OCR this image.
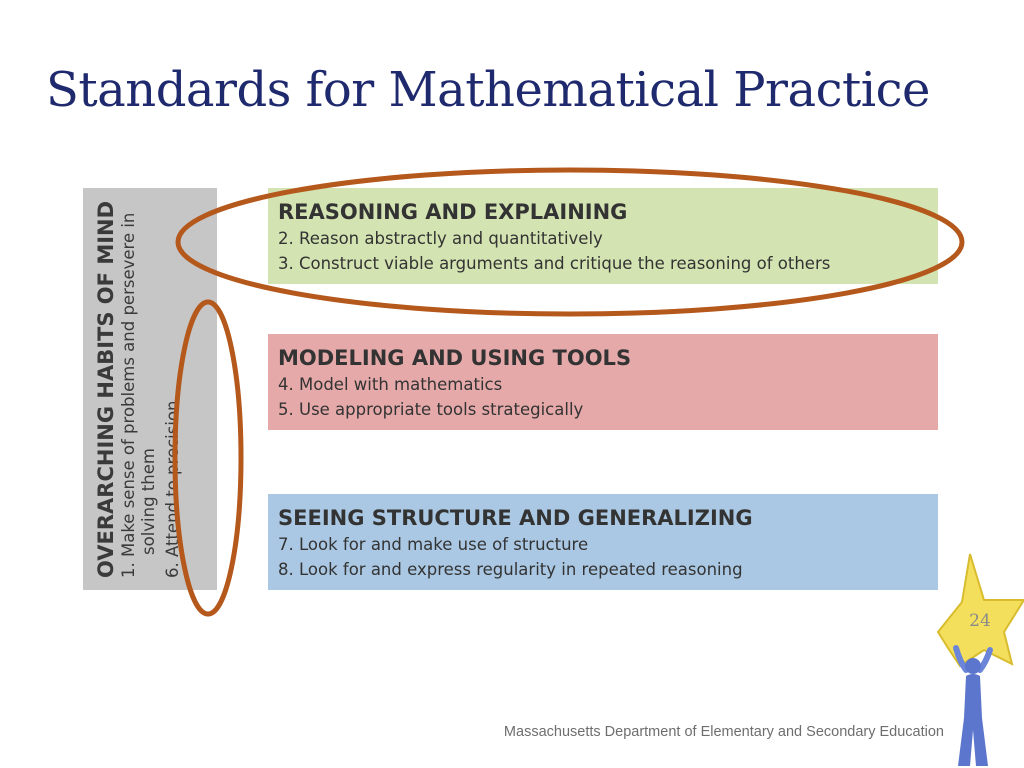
Standards for Mathematical Practice
OVERARCHING HABITS OF MIND 1. Make sense of problems and persevere in solving them 6. Attend to precision
REASONING AND EXPLAINING
2. Reason abstractly and quantitatively
3. Construct viable arguments and critique the reasoning of others
MODELING AND USING TOOLS
4. Model with mathematics
5. Use appropriate tools strategically
SEEING STRUCTURE AND GENERALIZING
7. Look for and make use of structure
8. Look for and express regularity in repeated reasoning
24
Massachusetts Department of Elementary and Secondary Education
